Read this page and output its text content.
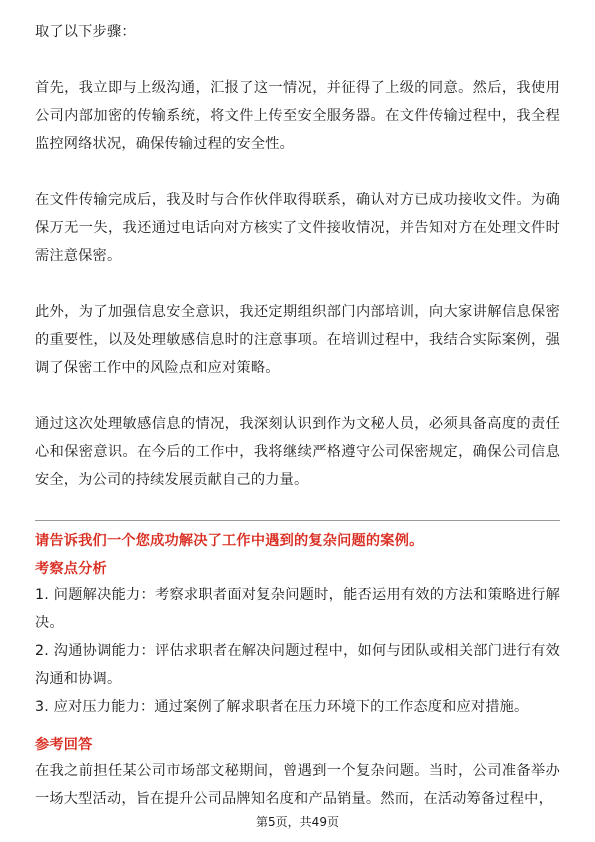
取了以下步骤：

首先，我立即与上级沟通，汇报了这一情况，并征得了上级的同意。然后，我使用公司内部加密的传输系统，将文件上传至安全服务器。在文件传输过程中，我全程监控网络状况，确保传输过程的安全性。

在文件传输完成后，我及时与合作伙伴取得联系，确认对方已成功接收文件。为确保万无一失，我还通过电话向对方核实了文件接收情况，并告知对方在处理文件时需注意保密。

此外，为了加强信息安全意识，我还定期组织部门内部培训，向大家讲解信息保密的重要性，以及处理敏感信息时的注意事项。在培训过程中，我结合实际案例，强调了保密工作中的风险点和应对策略。

通过这次处理敏感信息的情况，我深刻认识到作为文秘人员，必须具备高度的责任心和保密意识。在今后的工作中，我将继续严格遵守公司保密规定，确保公司信息安全，为公司的持续发展贡献自己的力量。

请告诉我们一个您成功解决了工作中遇到的复杂问题的案例。

考察点分析

1. 问题解决能力：考察求职者面对复杂问题时，能否运用有效的方法和策略进行解决。

2. 沟通协调能力：评估求职者在解决问题过程中，如何与团队或相关部门进行有效沟通和协调。

3. 应对压力能力：通过案例了解求职者在压力环境下的工作态度和应对措施。

参考回答

在我之前担任某公司市场部文秘期间，曾遇到一个复杂问题。当时，公司准备举办一场大型活动，旨在提升公司品牌知名度和产品销量。然而，在活动筹备过程中，

第5页，共49页
